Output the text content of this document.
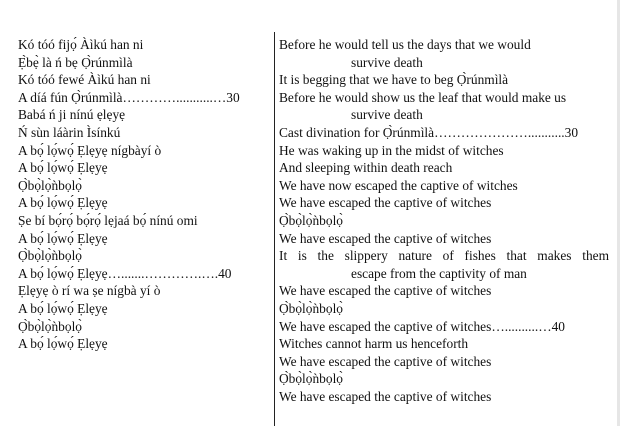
Kó tóó fijọ́ Àìkú han ni
Ẹ̀bẹ̀ là ń bẹ Ọ̀rúnmìlà
Kó tóó fewé Àìkú han ni
A díá fún Ọ̀rúnmìlà…………...........…30
Babá ń ji nínú ẹlẹyẹ
Ń sùn láàrin Ìsínkú
A bọ́ lọ́wọ́ Ẹlẹyẹ nígbàyí ò
A bọ́ lọ́wọ́ Ẹlẹyẹ
Ọ̀bọ̀lọ̀ǹbọlọ̀
A bọ́ lọ́wọ́ Ẹlẹyẹ
Ṣe bí bọ́rọ́ bọ́rọ́ lẹjaá bọ́ nínú omi
A bọ́ lọ́wọ́ Ẹlẹyẹ
Ọ̀bọ̀lọ̀ǹbọlọ̀
A bọ́ lọ́wọ́ Ẹlẹyẹ….......………….….40
Ẹlẹyẹ ò rí wa ṣe nígbà yí ò
A bọ́ lọ́wọ́ Ẹlẹyẹ
Ọ̀bọ̀lọ̀ǹbọlọ̀
A bọ́ lọ́wọ́ Ẹlẹyẹ
Before he would tell us the days that we would
survive death
It is begging that we have to beg Ọ̀rúnmìlà
Before he would show us the leaf that would make us
survive death
Cast divination for Ọ̀rúnmìlà…………………...........30
He was waking up in the midst of witches
And sleeping within death reach
We have now escaped the captive of witches
We have escaped the captive of witches
Ọ̀bọ̀lọ̀ǹbọlọ̀
We have escaped the captive of witches
It is the slippery nature of fishes that makes them
escape from the captivity of man
We have escaped the captive of witches
Ọ̀bọ̀lọ̀ǹbọlọ̀
We have escaped the captive of witches…..........…40
Witches cannot harm us henceforth
We have escaped the captive of witches
Ọ̀bọ̀lọ̀ǹbọlọ̀
We have escaped the captive of witches
